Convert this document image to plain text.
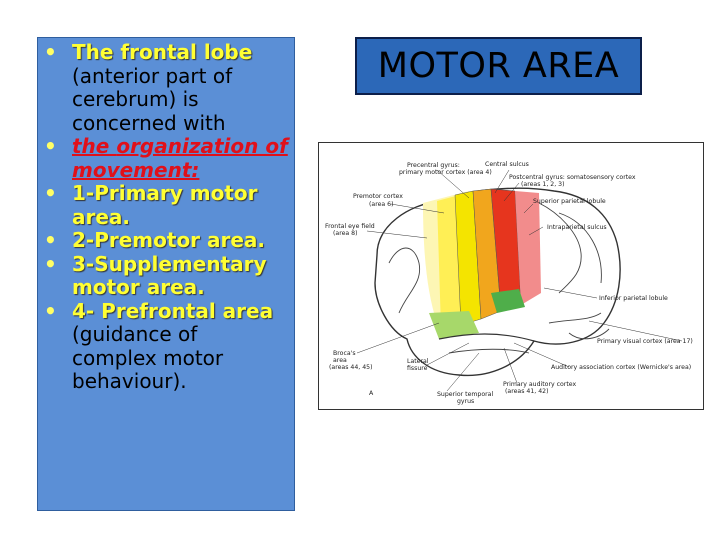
• The frontal lobe
(anterior part of
cerebrum) is
concerned with
• the organization of
movement:
• 1-Primary motor
area.
• 2-Premotor area.
• 3-Supplementary
motor area.
• 4- Prefrontal area
(guidance of
complex motor
behaviour).
MOTOR AREA
Precentral gyrus:
primary motor cortex (area 4)
Central sulcus
Postcentral gyrus: somatosensory cortex
(areas 1, 2, 3)
Premotor cortex
(area 6)	Superior parietal lobule
Frontal eye field
(area 8)
Intraparietal sulcus
Inferior parietal lobule
Primary visual cortex (area 17)
Broca's
area
(areas 44, 45)
Lateral
fissure	Auditory association cortex (Wernicke's area)
Primary auditory cortex
(areas 41, 42)
Superior temporal
gyrus
A
